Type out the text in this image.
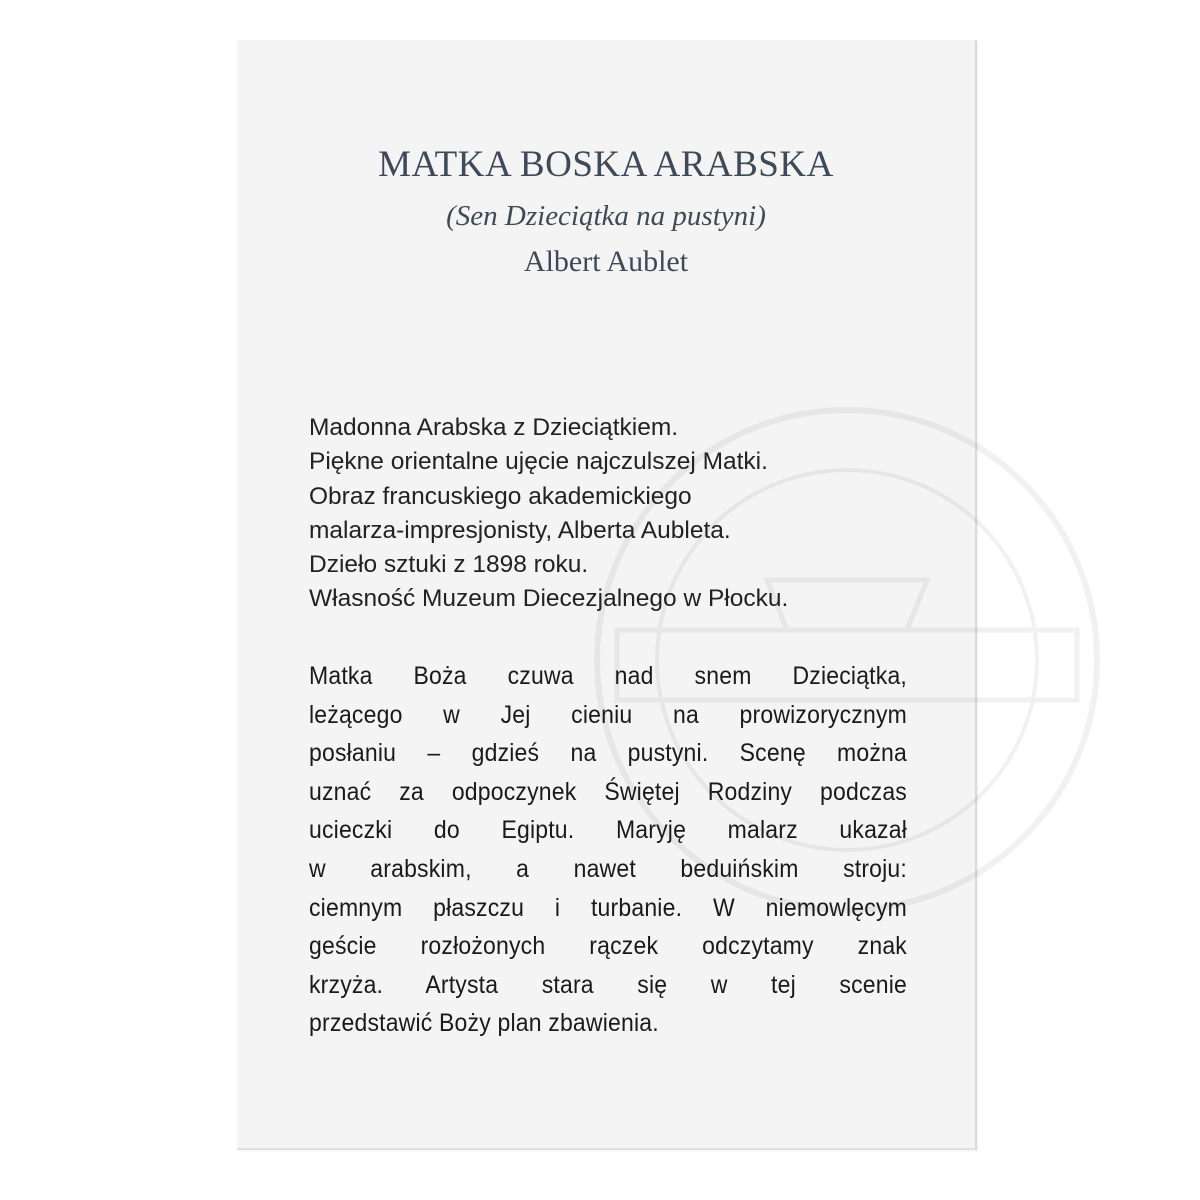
MATKA BOSKA ARABSKA
(Sen Dzieciątka na pustyni)
Albert Aublet
Madonna Arabska z Dzieciątkiem.
Piękne orientalne ujęcie najczulszej Matki.
Obraz francuskiego akademickiego
malarza-impresjonisty, Alberta Aubleta.
Dzieło sztuki z 1898 roku.
Własność Muzeum Diecezjalnego w Płocku.
Matka Boża czuwa nad snem Dzieciątka,
leżącego w Jej cieniu na prowizorycznym
posłaniu – gdzieś na pustyni. Scenę można
uznać za odpoczynek Świętej Rodziny podczas
ucieczki do Egiptu. Maryję malarz ukazał
w arabskim, a nawet beduińskim stroju:
ciemnym płaszczu i turbanie. W niemowlęcym
geście rozłożonych rączek odczytamy znak
krzyża. Artysta stara się w tej scenie
przedstawić Boży plan zbawienia.
